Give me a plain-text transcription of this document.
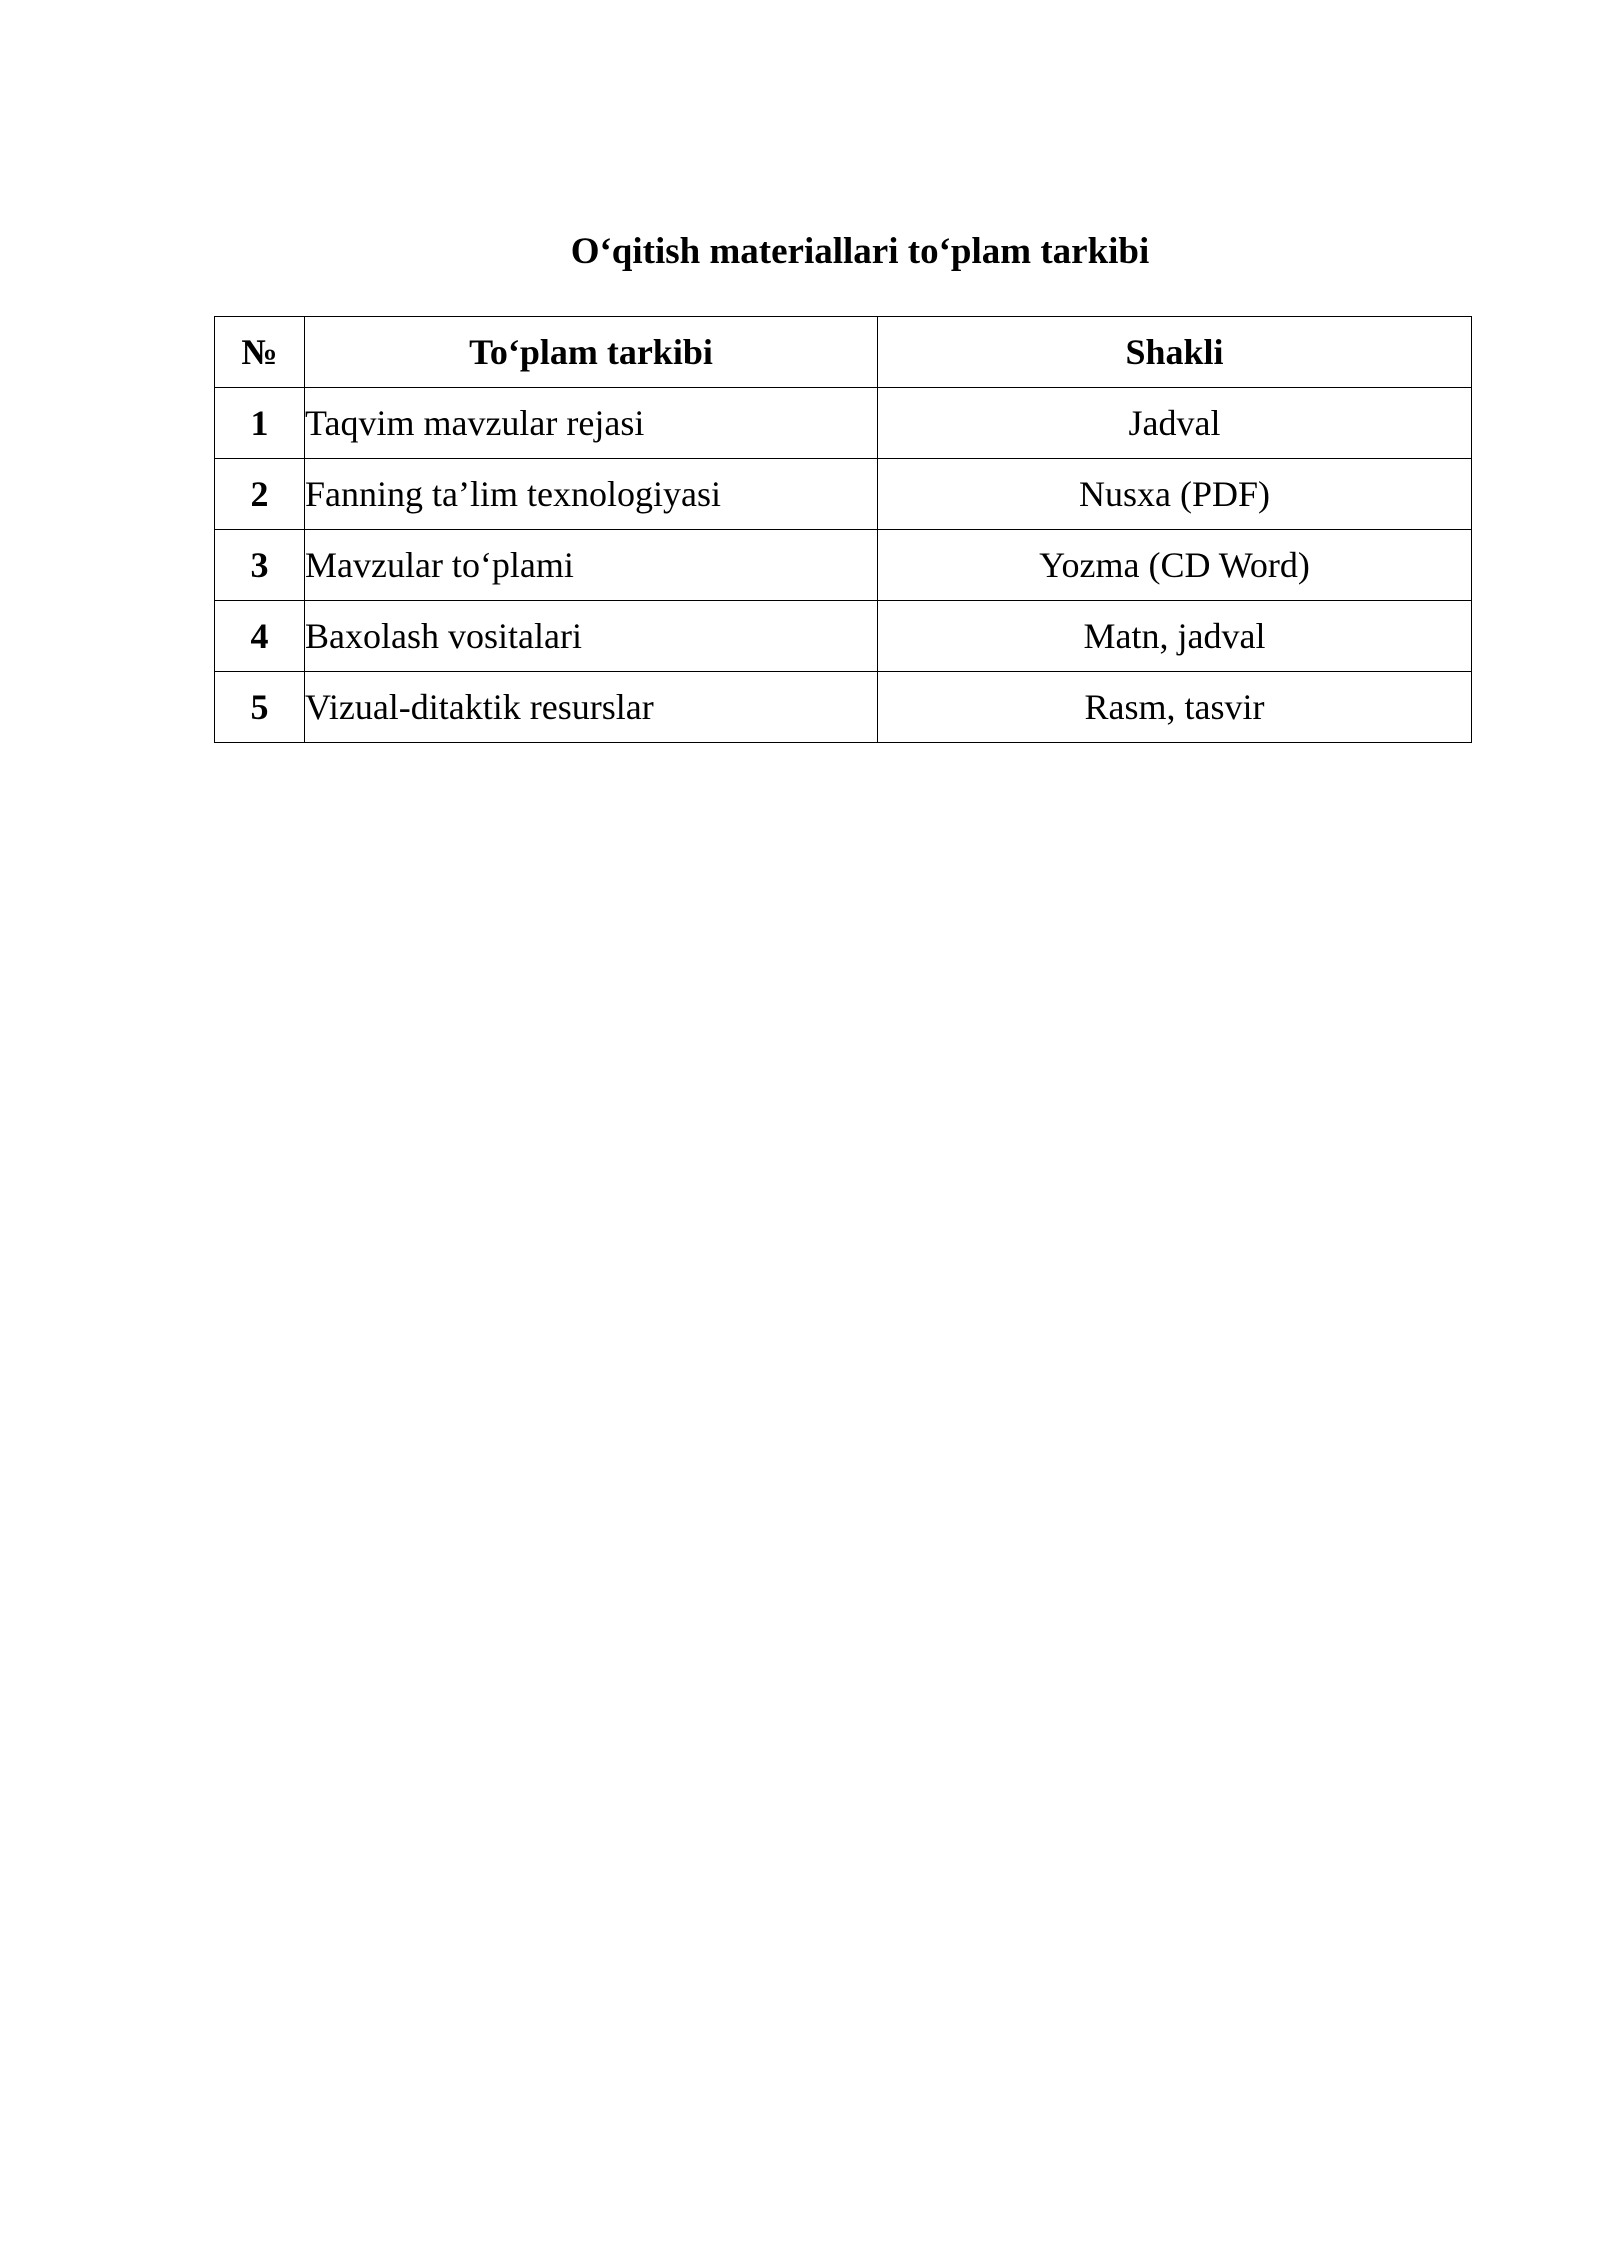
O‘qitish materiallari to‘plam tarkibi
№	To‘plam tarkibi	Shakli
1	Taqvim mavzular rejasi	Jadval
2	Fanning ta’lim texnologiyasi	Nusxa (PDF)
3	Mavzular to‘plami	Yozma (CD Word)
4	Baxolash vositalari	Matn, jadval
5	Vizual-ditaktik resurslar	Rasm, tasvir
